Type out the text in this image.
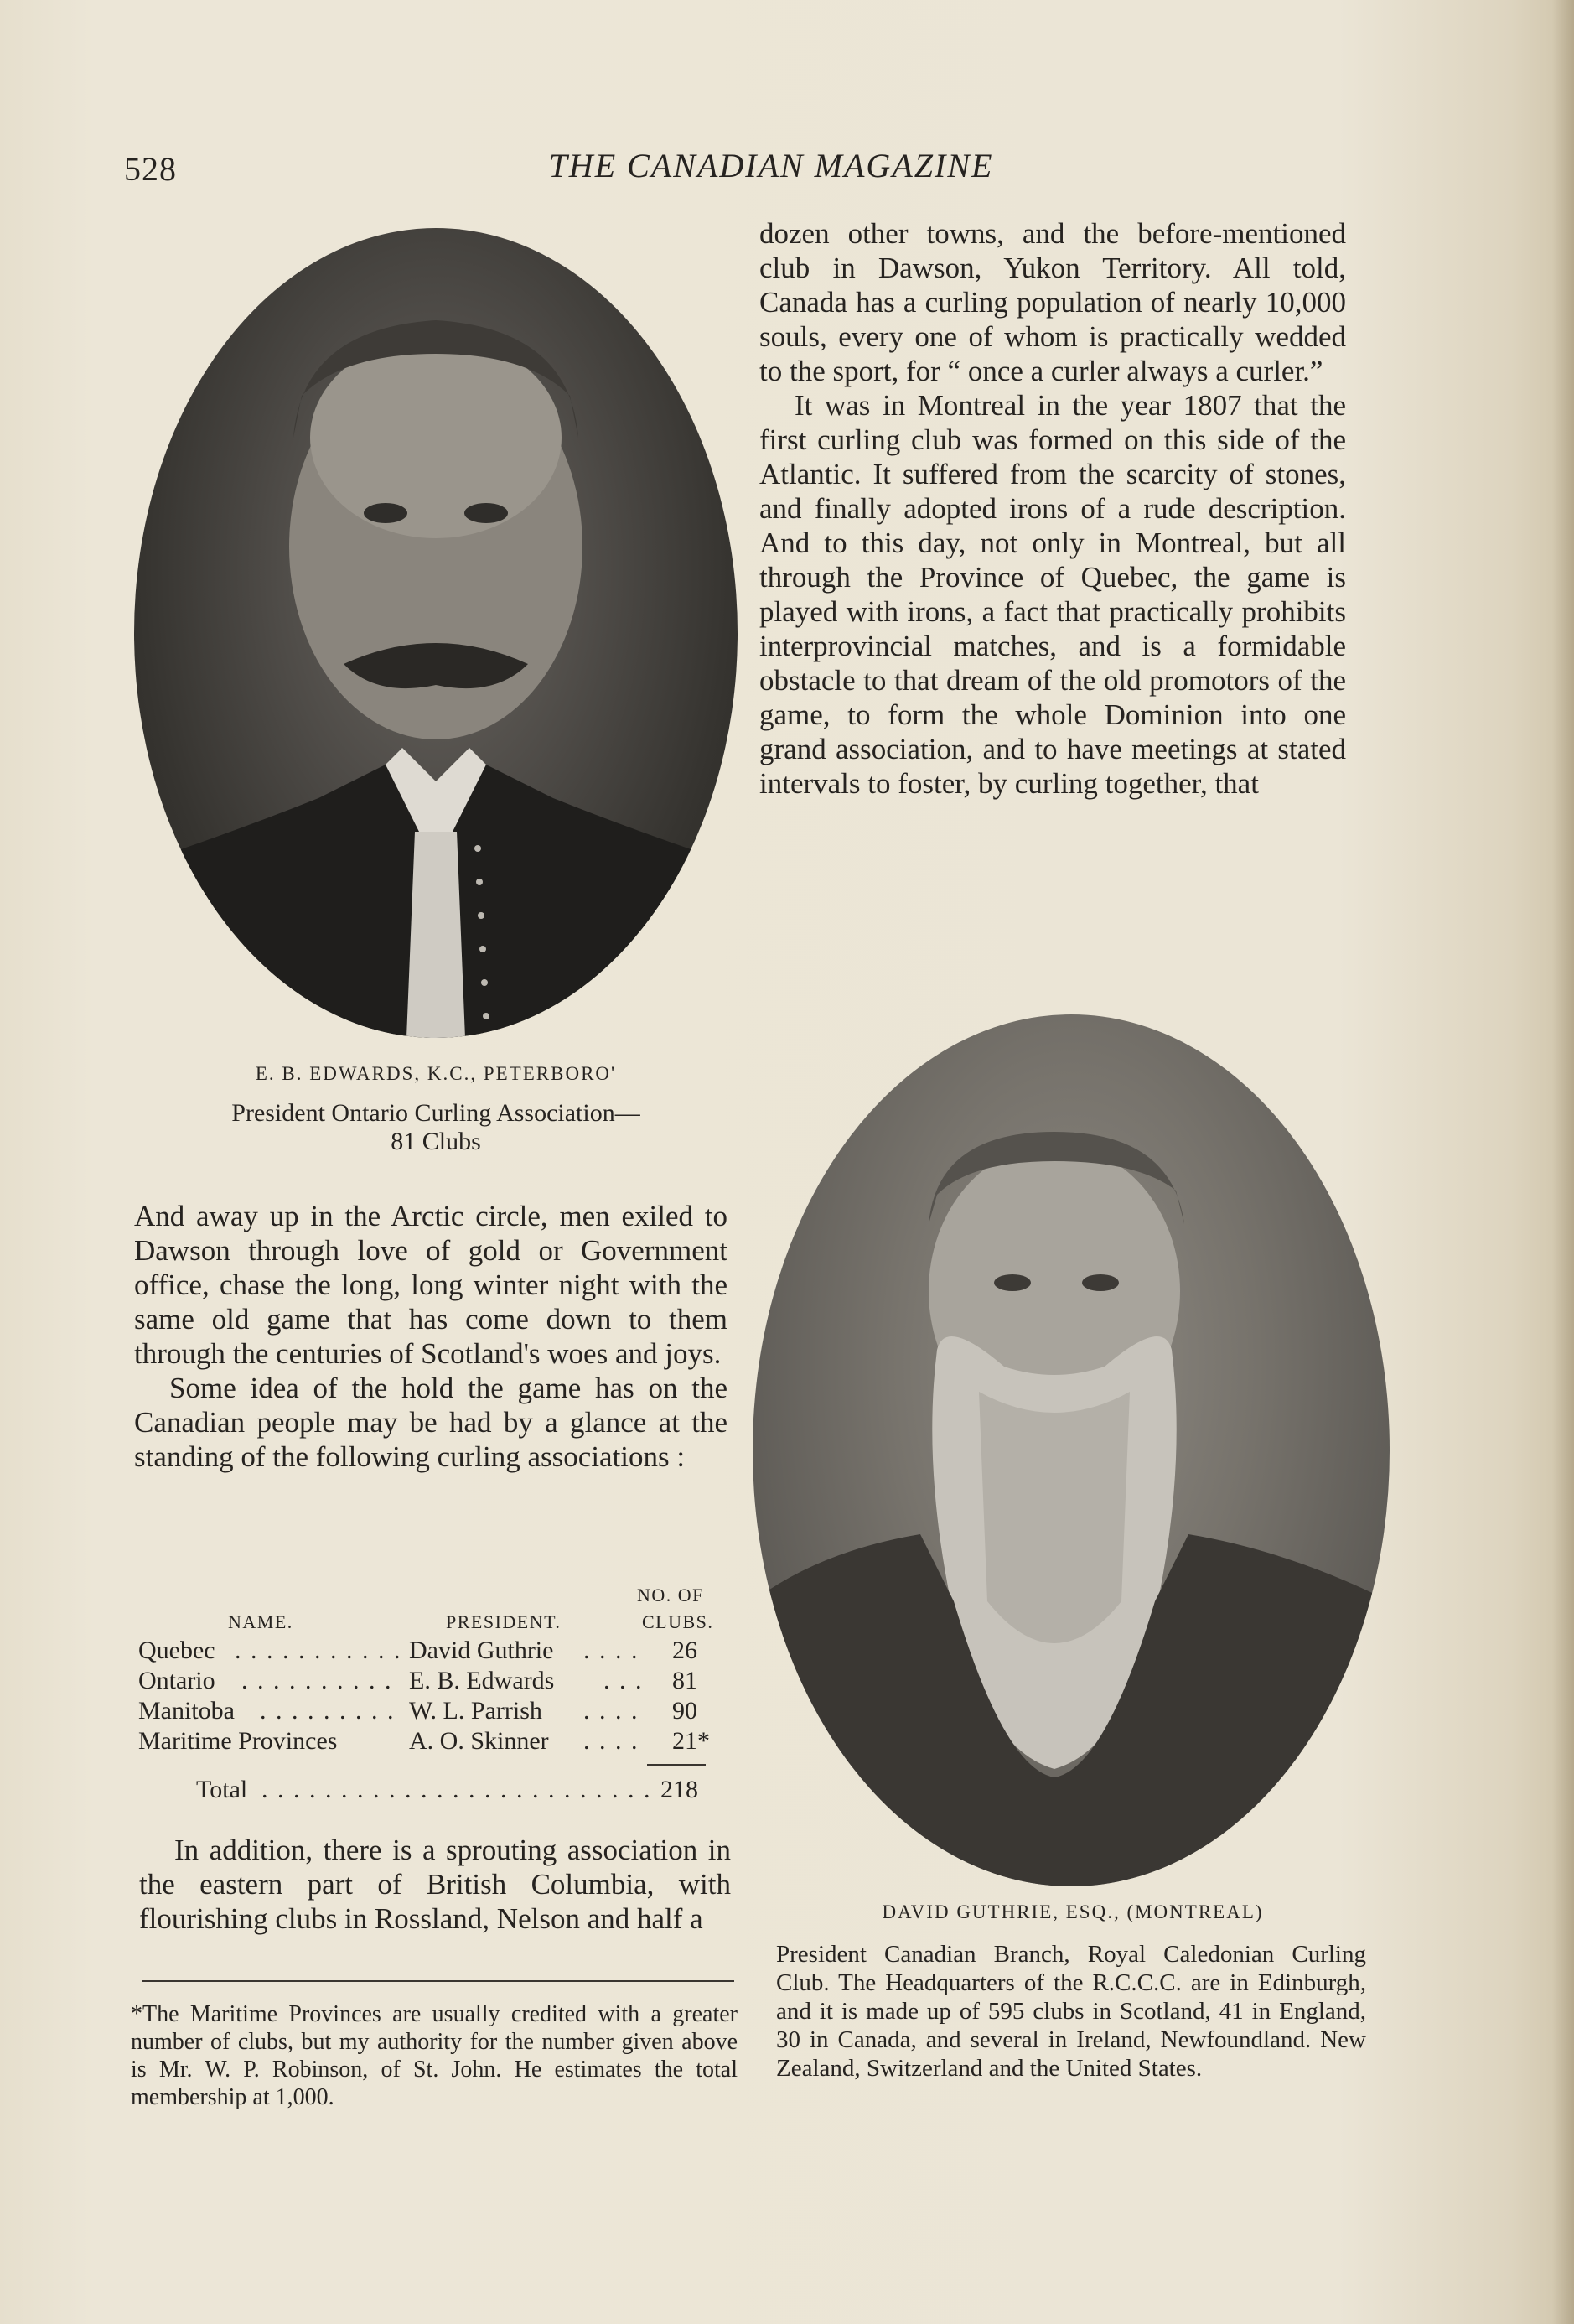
528	THE CANADIAN MAGAZINE
E. B. EDWARDS, K.C., PETERBORO'
President Ontario Curling Association—
81 Clubs

dozen other towns, and the before-mentioned club in Dawson, Yukon Territory. All told, Canada has a curling population of nearly 10,000 souls, every one of whom is practically wedded to the sport, for “ once a curler always a curler.”

It was in Montreal in the year 1807 that the first curling club was formed on this side of the Atlantic. It suffered from the scarcity of stones, and finally adopted irons of a rude description. And to this day, not only in Montreal, but all through the Province of Quebec, the game is played with irons, a fact that practically prohibits interprovincial matches, and is a formidable obstacle to that dream of the old promotors of the game, to form the whole Dominion into one grand association, and to have meetings at stated intervals to foster, by curling together, that

And away up in the Arctic circle, men exiled to Dawson through love of gold or Government office, chase the long, long winter night with the same old game that has come down to them through the centuries of Scotland's woes and joys.

Some idea of the hold the game has on the Canadian people may be had by a glance at the standing of the following curling associations :

NO. OF
NAME.	PRESIDENT.	CLUBS.
Quebec . . . . . . . . . . . David Guthrie . . . . 26
Ontario . . . . . . . . . . E. B. Edwards . . . 81
Manitoba . . . . . . . . . W. L. Parrish . . . . 90
Maritime Provinces	A. O. Skinner . . . . 21*
Total . . . . . . . . . . . . . . . . . . . . . . . . . 218

In addition, there is a sprouting association in the eastern part of British Columbia, with flourishing clubs in Rossland, Nelson and half a

*The Maritime Provinces are usually credited with a greater number of clubs, but my authority for the number given above is Mr. W. P. Robinson, of St. John. He estimates the total membership at 1,000.
DAVID GUTHRIE, ESQ., (MONTREAL)
President Canadian Branch, Royal Caledonian Curling Club. The Headquarters of the R.C.C.C. are in Edinburgh, and it is made up of 595 clubs in Scotland, 41 in England, 30 in Canada, and several in Ireland, Newfoundland. New Zealand, Switzerland and the United States.
